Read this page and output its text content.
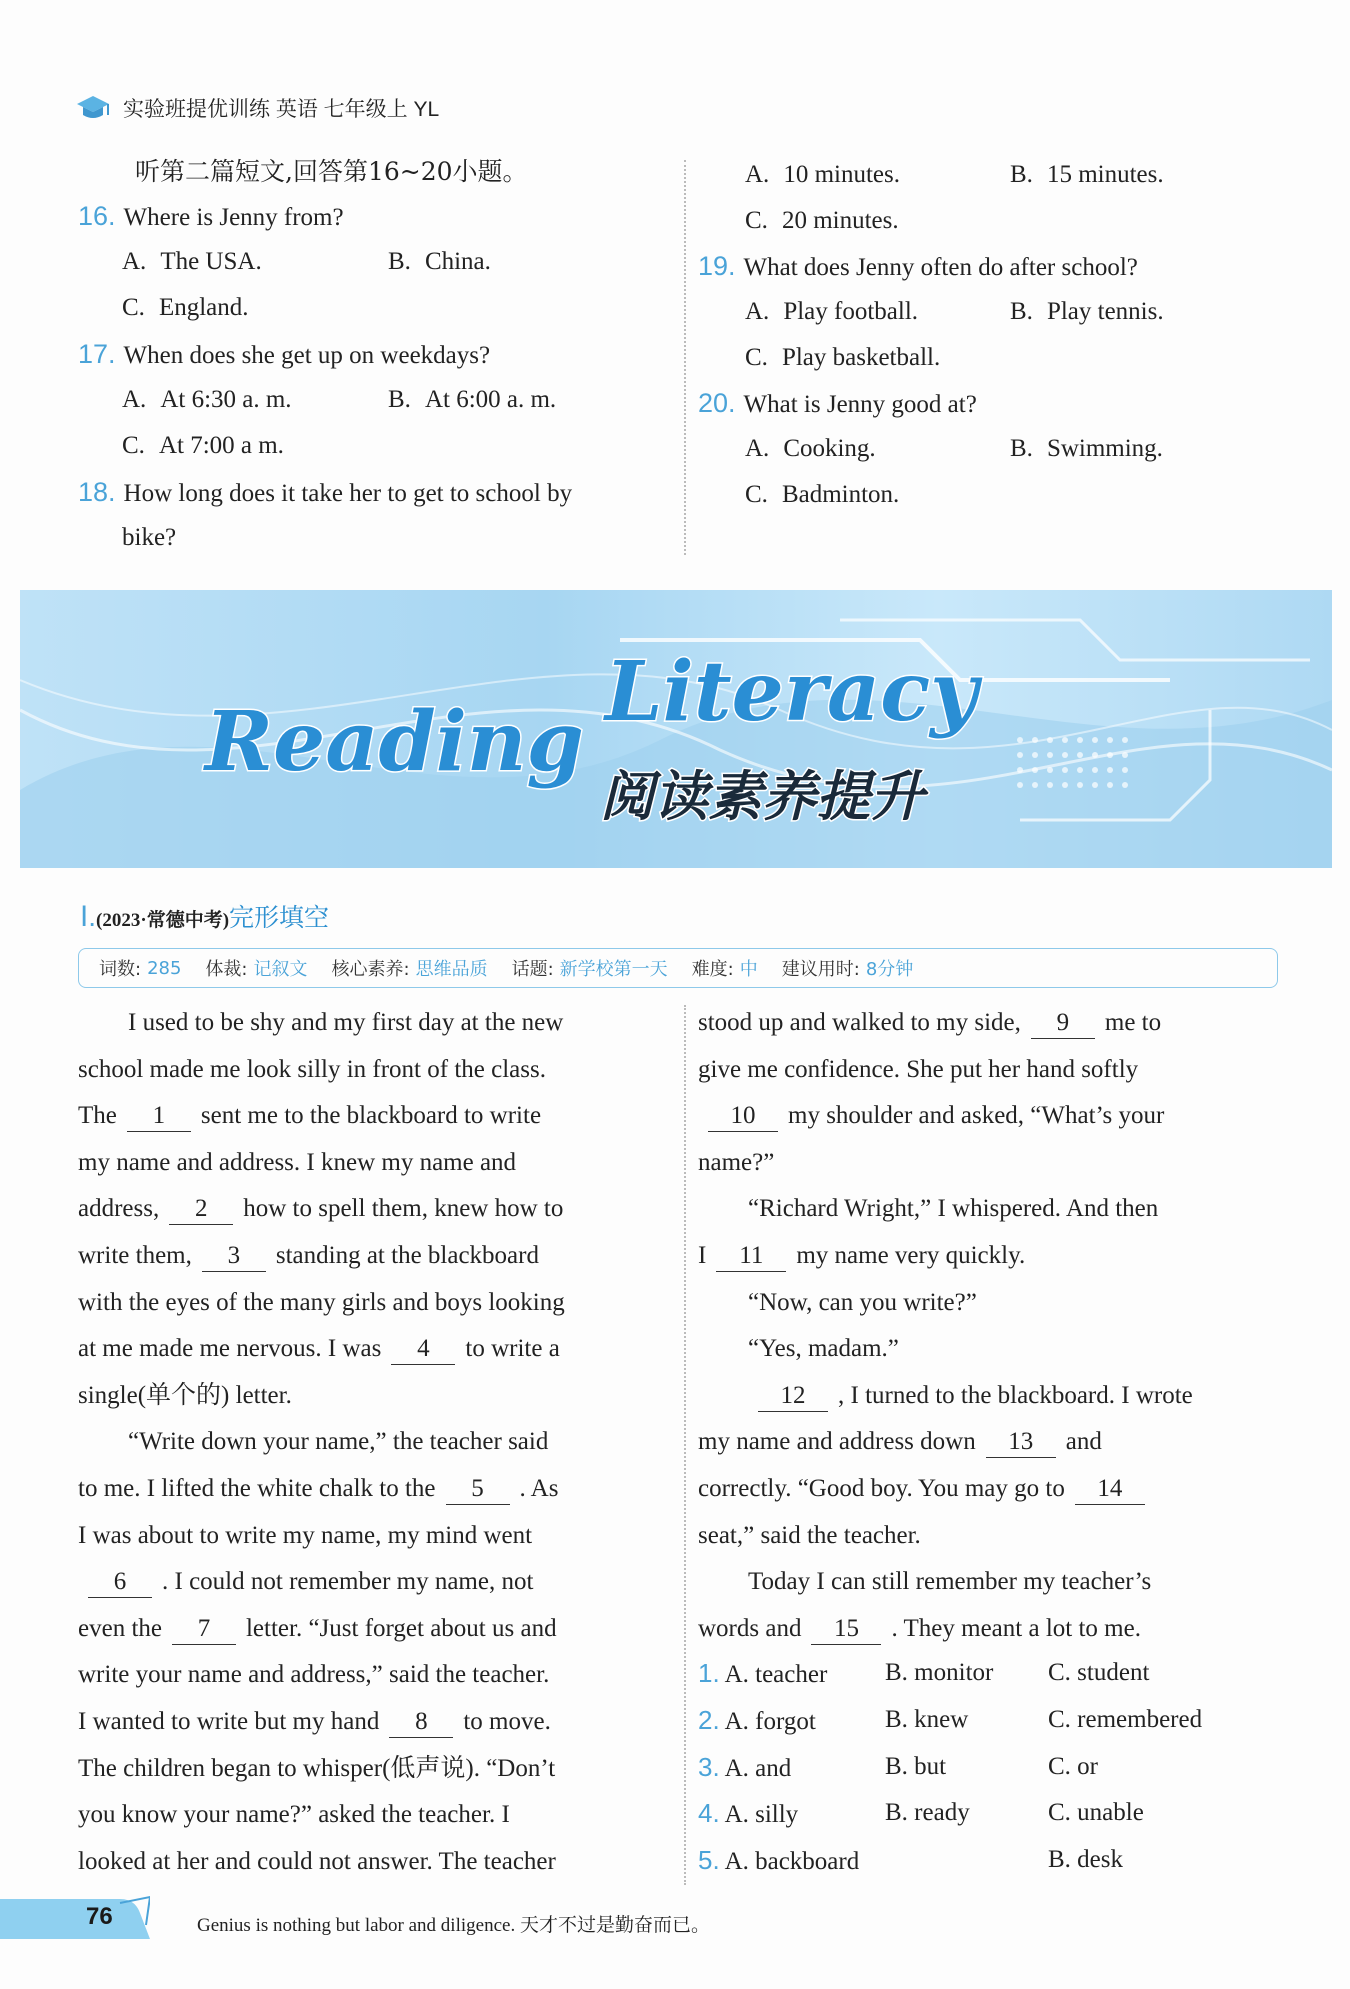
实验班提优训练 英语 七年级上 YL
听第二篇短文,回答第16~20小题。
16. Where is Jenny from?
A. The USA.	B. China.
C. England.
17. When does she get up on weekdays?
A. At 6:30 a. m.	B. At 6:00 a. m.
C. At 7:00 a m.
18. How long does it take her to get to school by
bike?
A. 10 minutes.	B. 15 minutes.
C. 20 minutes.
19. What does Jenny often do after school?
A. Play football.	B. Play tennis.
C. Play basketball.
20. What is Jenny good at?
A. Cooking.	B. Swimming.
C. Badminton.
Reading
Literacy
阅读素养提升
Ⅰ.(2023·常德中考)完形填空
词数: 285 体裁: 记叙文 核心素养: 思维品质 话题: 新学校第一天 难度: 中 建议用时: 8分钟
I used to be shy and my first day at the new
school made me look silly in front of the class.
The 1 sent me to the blackboard to write
my name and address. I knew my name and
address, 2 how to spell them, knew how to
write them, 3 standing at the blackboard
with the eyes of the many girls and boys looking
at me made me nervous. I was 4 to write a
single(单个的) letter.
“Write down your name,” the teacher said
to me. I lifted the white chalk to the 5 . As
I was about to write my name, my mind went
6 . I could not remember my name, not
even the 7 letter. “Just forget about us and
write your name and address,” said the teacher.
I wanted to write but my hand 8 to move.
The children began to whisper(低声说). “Don’t
you know your name?” asked the teacher. I
looked at her and could not answer. The teacher
stood up and walked to my side, 9 me to
give me confidence. She put her hand softly
10 my shoulder and asked, “What’s your
name?”
“Richard Wright,” I whispered. And then
I 11 my name very quickly.
“Now, can you write?”
“Yes, madam.”
12 , I turned to the blackboard. I wrote
my name and address down 13 and
correctly. “Good boy. You may go to 14
seat,” said the teacher.
Today I can still remember my teacher’s
words and 15 . They meant a lot to me.
1. A. teacher B. monitor C. student
2. A. forgot	B. knew	C. remembered
3. A. and	B. but	C. or
4. A. silly	B. ready	C. unable
5. A. backboard	B. desk
76	Genius is nothing but labor and diligence. 天才不过是勤奋而已。
